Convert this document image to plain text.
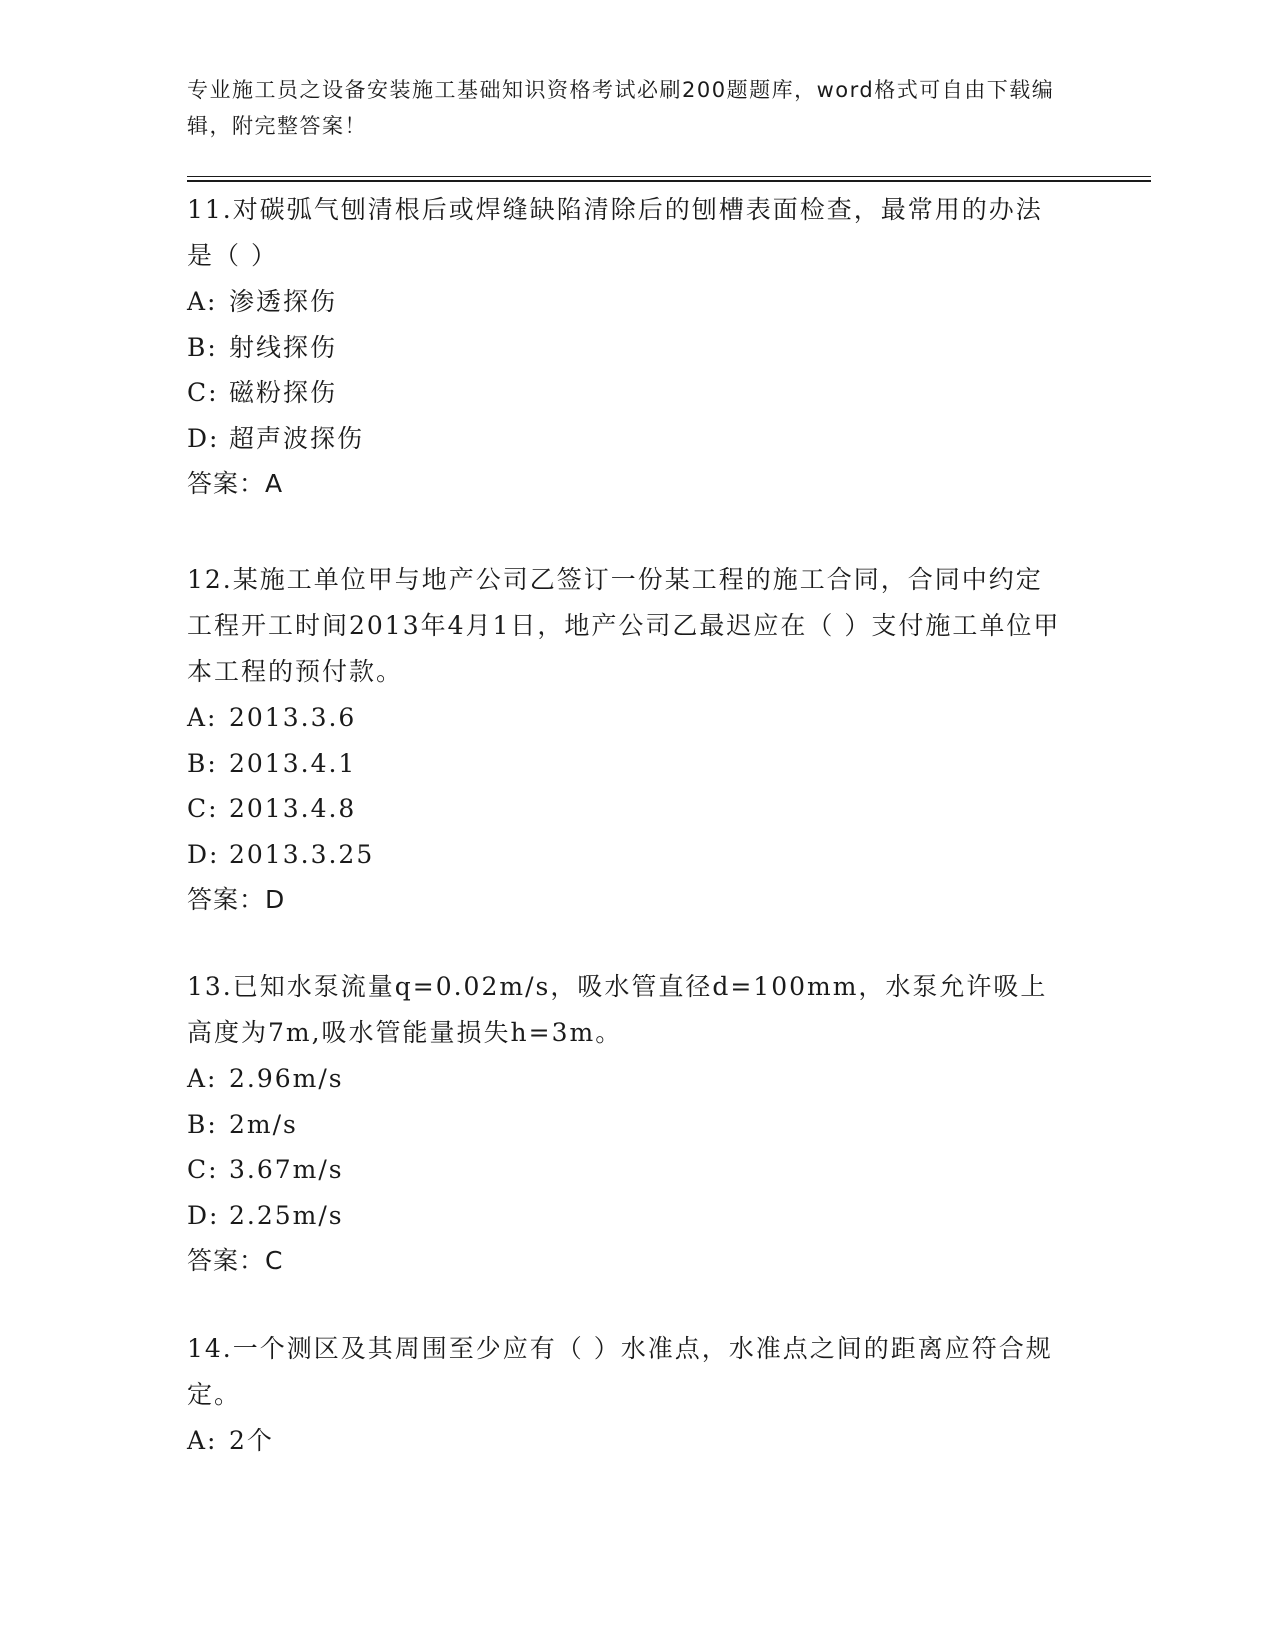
专业施工员之设备安装施工基础知识资格考试必刷200题题库，word格式可自由下载编辑，附完整答案！
11.对碳弧气刨清根后或焊缝缺陷清除后的刨槽表面检查，最常用的办法是（ ）
A: 渗透探伤
B: 射线探伤
C: 磁粉探伤
D: 超声波探伤
答案：A
12.某施工单位甲与地产公司乙签订一份某工程的施工合同，合同中约定工程开工时间2013年4月1日，地产公司乙最迟应在（ ）支付施工单位甲本工程的预付款。
A: 2013.3.6
B: 2013.4.1
C: 2013.4.8
D: 2013.3.25
答案：D
13.已知水泵流量q=0.02m/s，吸水管直径d=100mm，水泵允许吸上高度为7m,吸水管能量损失h=3m。
A: 2.96m/s
B: 2m/s
C: 3.67m/s
D: 2.25m/s
答案：C
14.一个测区及其周围至少应有（ ）水准点，水准点之间的距离应符合规定。
A: 2个
